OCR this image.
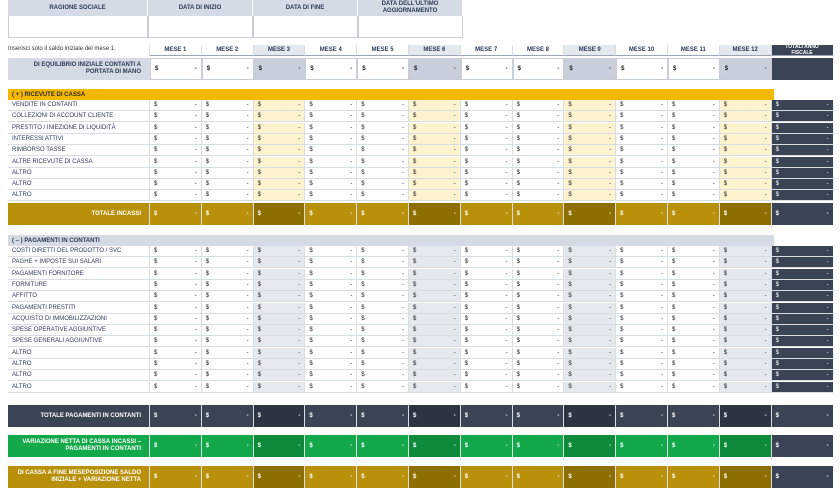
RAGIONE SOCIALE	DATA DI INIZIO	DATA DI FINE
DATA DELL'ULTIMO AGGIORNAMENTO
Inserisci solo il saldo iniziale del mese 1.	MESE 1	MESE 2	MESE 3	MESE 4	MESE 5	MESE 6	MESE 7	MESE 8	MESE 9	MESE 10	MESE 11	MESE 12	TOTALI ANNO FISCALE
DI EQUILIBRIO INIZIALE CONTANTI A PORTATA DI MANO	$	- $	- $	- $	- $	- $	- $	- $	- $	- $	- $	- $	-
( + ) RICEVUTE DI CASSA
VENDITE IN CONTANTI	$	- $	- $	- $	- $	- $	- $	- $	- $	- $	- $	- $	- $	-
COLLEZIONI DI ACCOUNT CLIENTE	$	- $	- $	- $	- $	- $	- $	- $	- $	- $	- $	- $	- $	-
PRESTITO / INIEZIONE DI LIQUIDITÀ	$	- $	- $	- $	- $	- $	- $	- $	- $	- $	- $	- $	- $	-
INTERESSI ATTIVI	$	- $	- $	- $	- $	- $	- $	- $	- $	- $	- $	- $	- $	-
RIMBORSO TASSE	$	- $	- $	- $	- $	- $	- $	- $	- $	- $	- $	- $	- $	-
ALTRE RICEVUTE DI CASSA	$	- $	- $	- $	- $	- $	- $	- $	- $	- $	- $	- $	- $	-
ALTRO	$	- $	- $	- $	- $	- $	- $	- $	- $	- $	- $	- $	- $	-
ALTRO	$	- $	- $	- $	- $	- $	- $	- $	- $	- $	- $	- $	- $	-
ALTRO	$	- $	- $	- $	- $	- $	- $	- $	- $	- $	- $	- $	- $	-
TOTALE INCASSI	$	- $	- $	- $	- $	- $	- $	- $	- $	- $	- $	- $	- $	-
( – ) PAGAMENTI IN CONTANTI
COSTI DIRETTI DEL PRODOTTO / SVC	$	- $	- $	- $	- $	- $	- $	- $	- $	- $	- $	- $	- $	-
PAGHE + IMPOSTE SUI SALARI	$	- $	- $	- $	- $	- $	- $	- $	- $	- $	- $	- $	- $	-
PAGAMENTI FORNITORE	$	- $	- $	- $	- $	- $	- $	- $	- $	- $	- $	- $	- $	-
FORNITURE	$	- $	- $	- $	- $	- $	- $	- $	- $	- $	- $	- $	- $	-
AFFITTO	$	- $	- $	- $	- $	- $	- $	- $	- $	- $	- $	- $	- $	-
PAGAMENTI PRESTITI	$	- $	- $	- $	- $	- $	- $	- $	- $	- $	- $	- $	- $	-
ACQUISTO DI IMMOBILIZZAZIONI	$	- $	- $	- $	- $	- $	- $	- $	- $	- $	- $	- $	- $	-
SPESE OPERATIVE AGGIUNTIVE	$	- $	- $	- $	- $	- $	- $	- $	- $	- $	- $	- $	- $	-
SPESE GENERALI AGGIUNTIVE	$	- $	- $	- $	- $	- $	- $	- $	- $	- $	- $	- $	- $	-
ALTRO	$	- $	- $	- $	- $	- $	- $	- $	- $	- $	- $	- $	- $	-
ALTRO	$	- $	- $	- $	- $	- $	- $	- $	- $	- $	- $	- $	- $	-
ALTRO	$	- $	- $	- $	- $	- $	- $	- $	- $	- $	- $	- $	- $	-
ALTRO	$	- $	- $	- $	- $	- $	- $	- $	- $	- $	- $	- $	- $	-
TOTALE PAGAMENTI IN CONTANTI	$	- $	- $	- $	- $	- $	- $	- $	- $	- $	- $	- $	- $	-
VARIAZIONE NETTA DI CASSA INCASSI – PAGAMENTI IN CONTANTI	$	- $	- $	- $	- $	- $	- $	- $	- $	- $	- $	- $	- $	-
DI CASSA A FINE MESEPOSIZIONE SALDO INIZIALE + VARIAZIONE NETTA	$	- $	- $	- $	- $	- $	- $	- $	- $	- $	- $	- $	- $	-
